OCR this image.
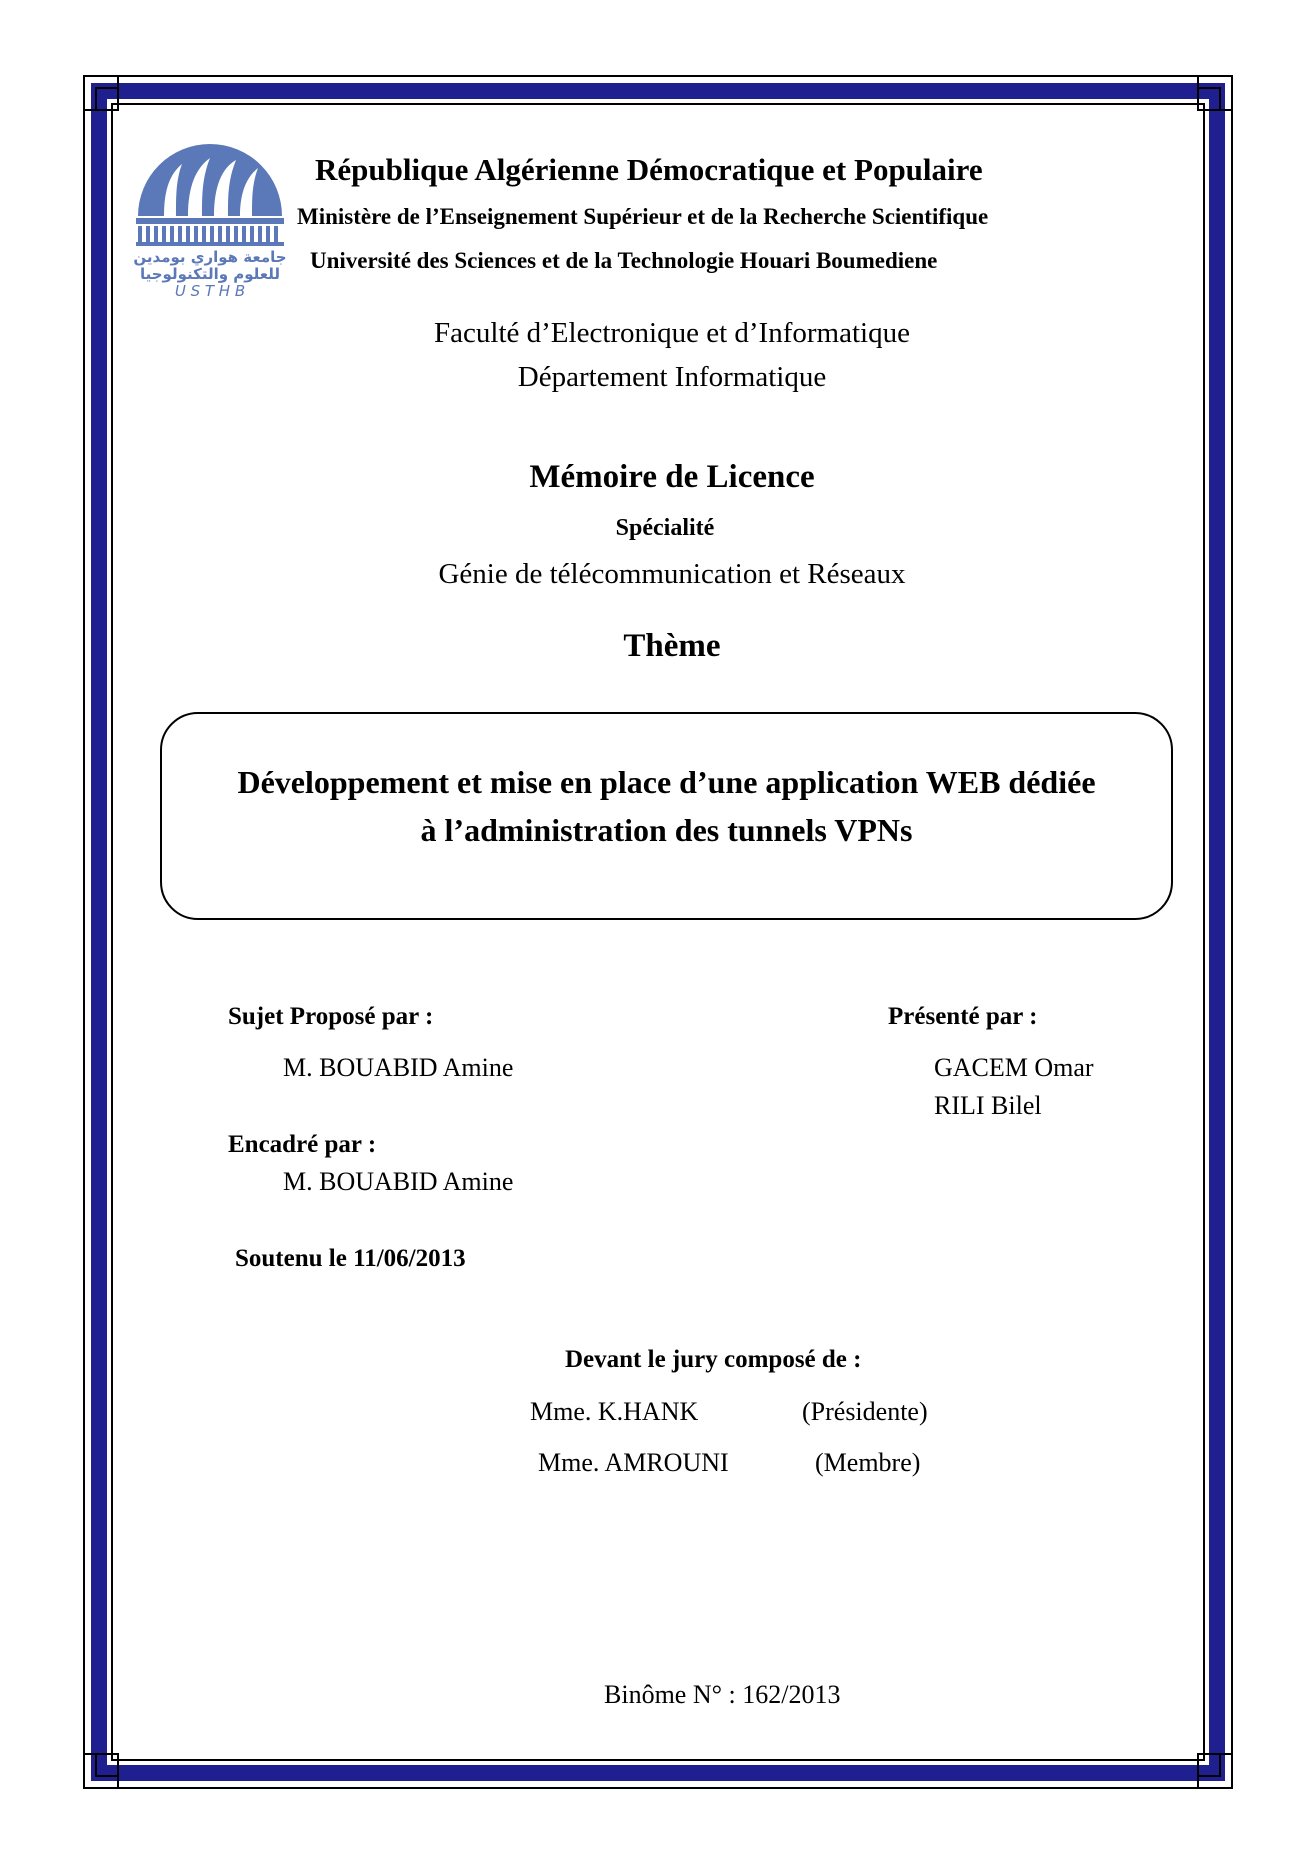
جامعة هواري بومدين
للعلوم والتكنولوجيا
U S T H B
République Algérienne Démocratique et Populaire
Ministère de l’Enseignement Supérieur et de la Recherche Scientifique
Université des Sciences et de la Technologie Houari Boumediene
Faculté d’Electronique et d’Informatique
Département Informatique
Mémoire de Licence
Spécialité
Génie de télécommunication et Réseaux
Thème
Développement et mise en place d’une application WEB dédiée
à l’administration des tunnels VPNs
Sujet Proposé par :
M. BOUABID Amine
Présenté par :
GACEM Omar
RILI Bilel
Encadré par :
M. BOUABID Amine
Soutenu le 11/06/2013
Devant le jury composé de :
Mme. K.HANK	(Présidente)
Mme. AMROUNI	(Membre)
Binôme N° : 162/2013
